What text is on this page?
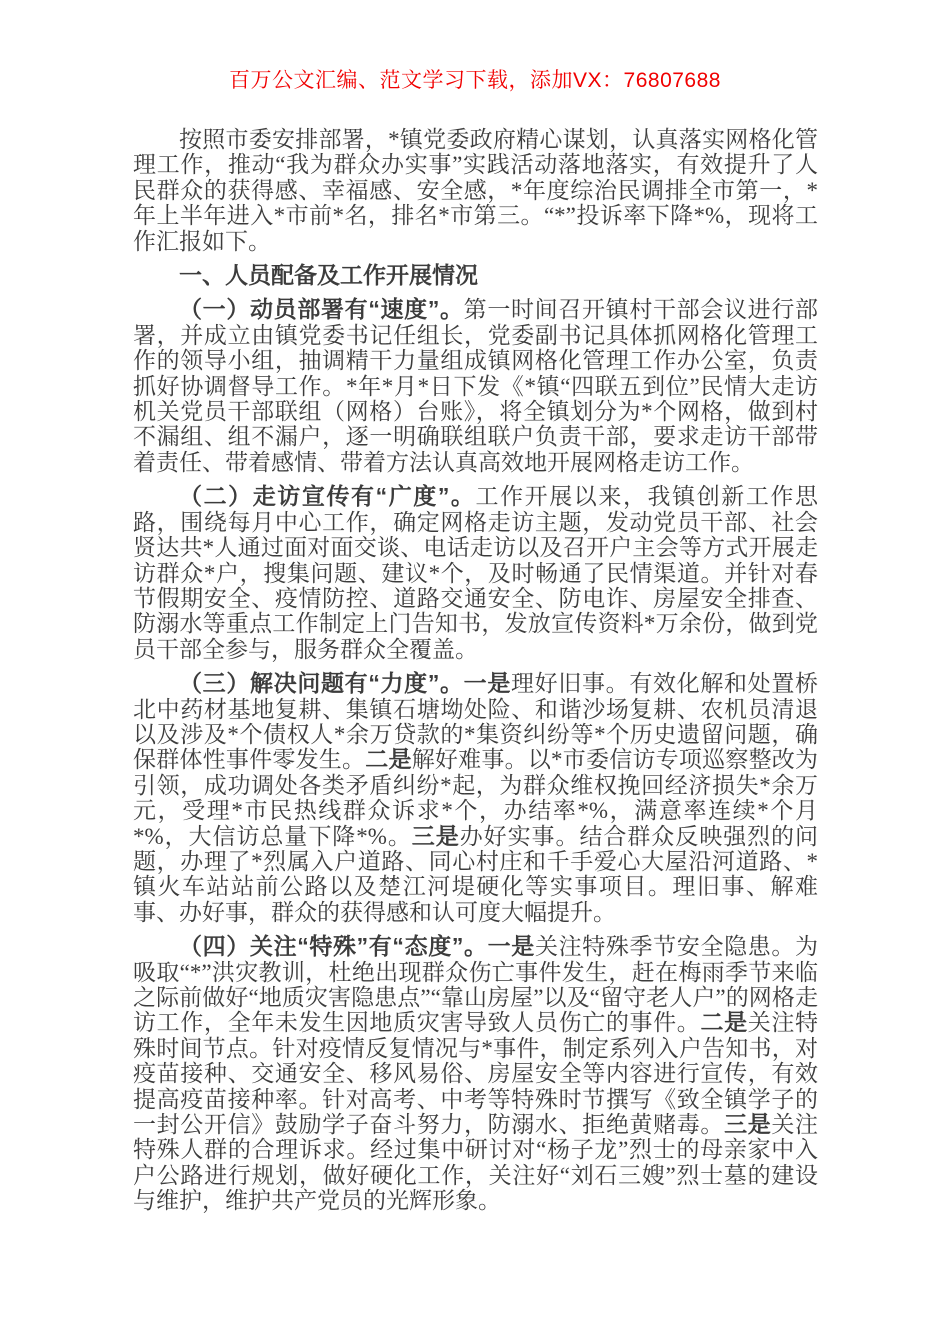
百万公文汇编、范文学习下载，添加VX：76807688

按照市委安排部署，*镇党委政府精心谋划，认真落实网格化管理工作，推动“我为群众办实事”实践活动落地落实，有效提升了人民群众的获得感、幸福感、安全感，*年度综治民调排全市第一，*年上半年进入*市前*名，排名*市第三。“*”投诉率下降*%，现将工作汇报如下。

一、人员配备及工作开展情况

（一）动员部署有“速度”。第一时间召开镇村干部会议进行部署，并成立由镇党委书记任组长，党委副书记具体抓网格化管理工作的领导小组，抽调精干力量组成镇网格化管理工作办公室，负责抓好协调督导工作。*年*月*日下发《*镇“四联五到位”民情大走访机关党员干部联组（网格）台账》，将全镇划分为*个网格，做到村不漏组、组不漏户，逐一明确联组联户负责干部，要求走访干部带着责任、带着感情、带着方法认真高效地开展网格走访工作。

（二）走访宣传有“广度”。工作开展以来，我镇创新工作思路，围绕每月中心工作，确定网格走访主题，发动党员干部、社会贤达共*人通过面对面交谈、电话走访以及召开户主会等方式开展走访群众*户，搜集问题、建议*个，及时畅通了民情渠道。并针对春节假期安全、疫情防控、道路交通安全、防电诈、房屋安全排查、防溺水等重点工作制定上门告知书，发放宣传资料*万余份，做到党员干部全参与，服务群众全覆盖。

（三）解决问题有“力度”。一是理好旧事。有效化解和处置桥北中药材基地复耕、集镇石塘坳处险、和谐沙场复耕、农机员清退以及涉及*个债权人*余万贷款的*集资纠纷等*个历史遗留问题，确保群体性事件零发生。二是解好难事。以*市委信访专项巡察整改为引领，成功调处各类矛盾纠纷*起，为群众维权挽回经济损失*余万元，受理*市民热线群众诉求*个，办结率*%，满意率连续*个月*%，大信访总量下降*%。三是办好实事。结合群众反映强烈的问题，办理了*烈属入户道路、同心村庄和千手爱心大屋沿河道路、*镇火车站站前公路以及楚江河堤硬化等实事项目。理旧事、解难事、办好事，群众的获得感和认可度大幅提升。

（四）关注“特殊”有“态度”。一是关注特殊季节安全隐患。为吸取“*”洪灾教训，杜绝出现群众伤亡事件发生，赶在梅雨季节来临之际前做好“地质灾害隐患点”“靠山房屋”以及“留守老人户”的网格走访工作，全年未发生因地质灾害导致人员伤亡的事件。二是关注特殊时间节点。针对疫情反复情况与*事件，制定系列入户告知书，对疫苗接种、交通安全、移风易俗、房屋安全等内容进行宣传，有效提高疫苗接种率。针对高考、中考等特殊时节撰写《致全镇学子的一封公开信》鼓励学子奋斗努力，防溺水、拒绝黄赌毒。三是关注特殊人群的合理诉求。经过集中研讨对“杨子龙”烈士的母亲家中入户公路进行规划，做好硬化工作，关注好“刘石三嫂”烈士墓的建设与维护，维护共产党员的光辉形象。
